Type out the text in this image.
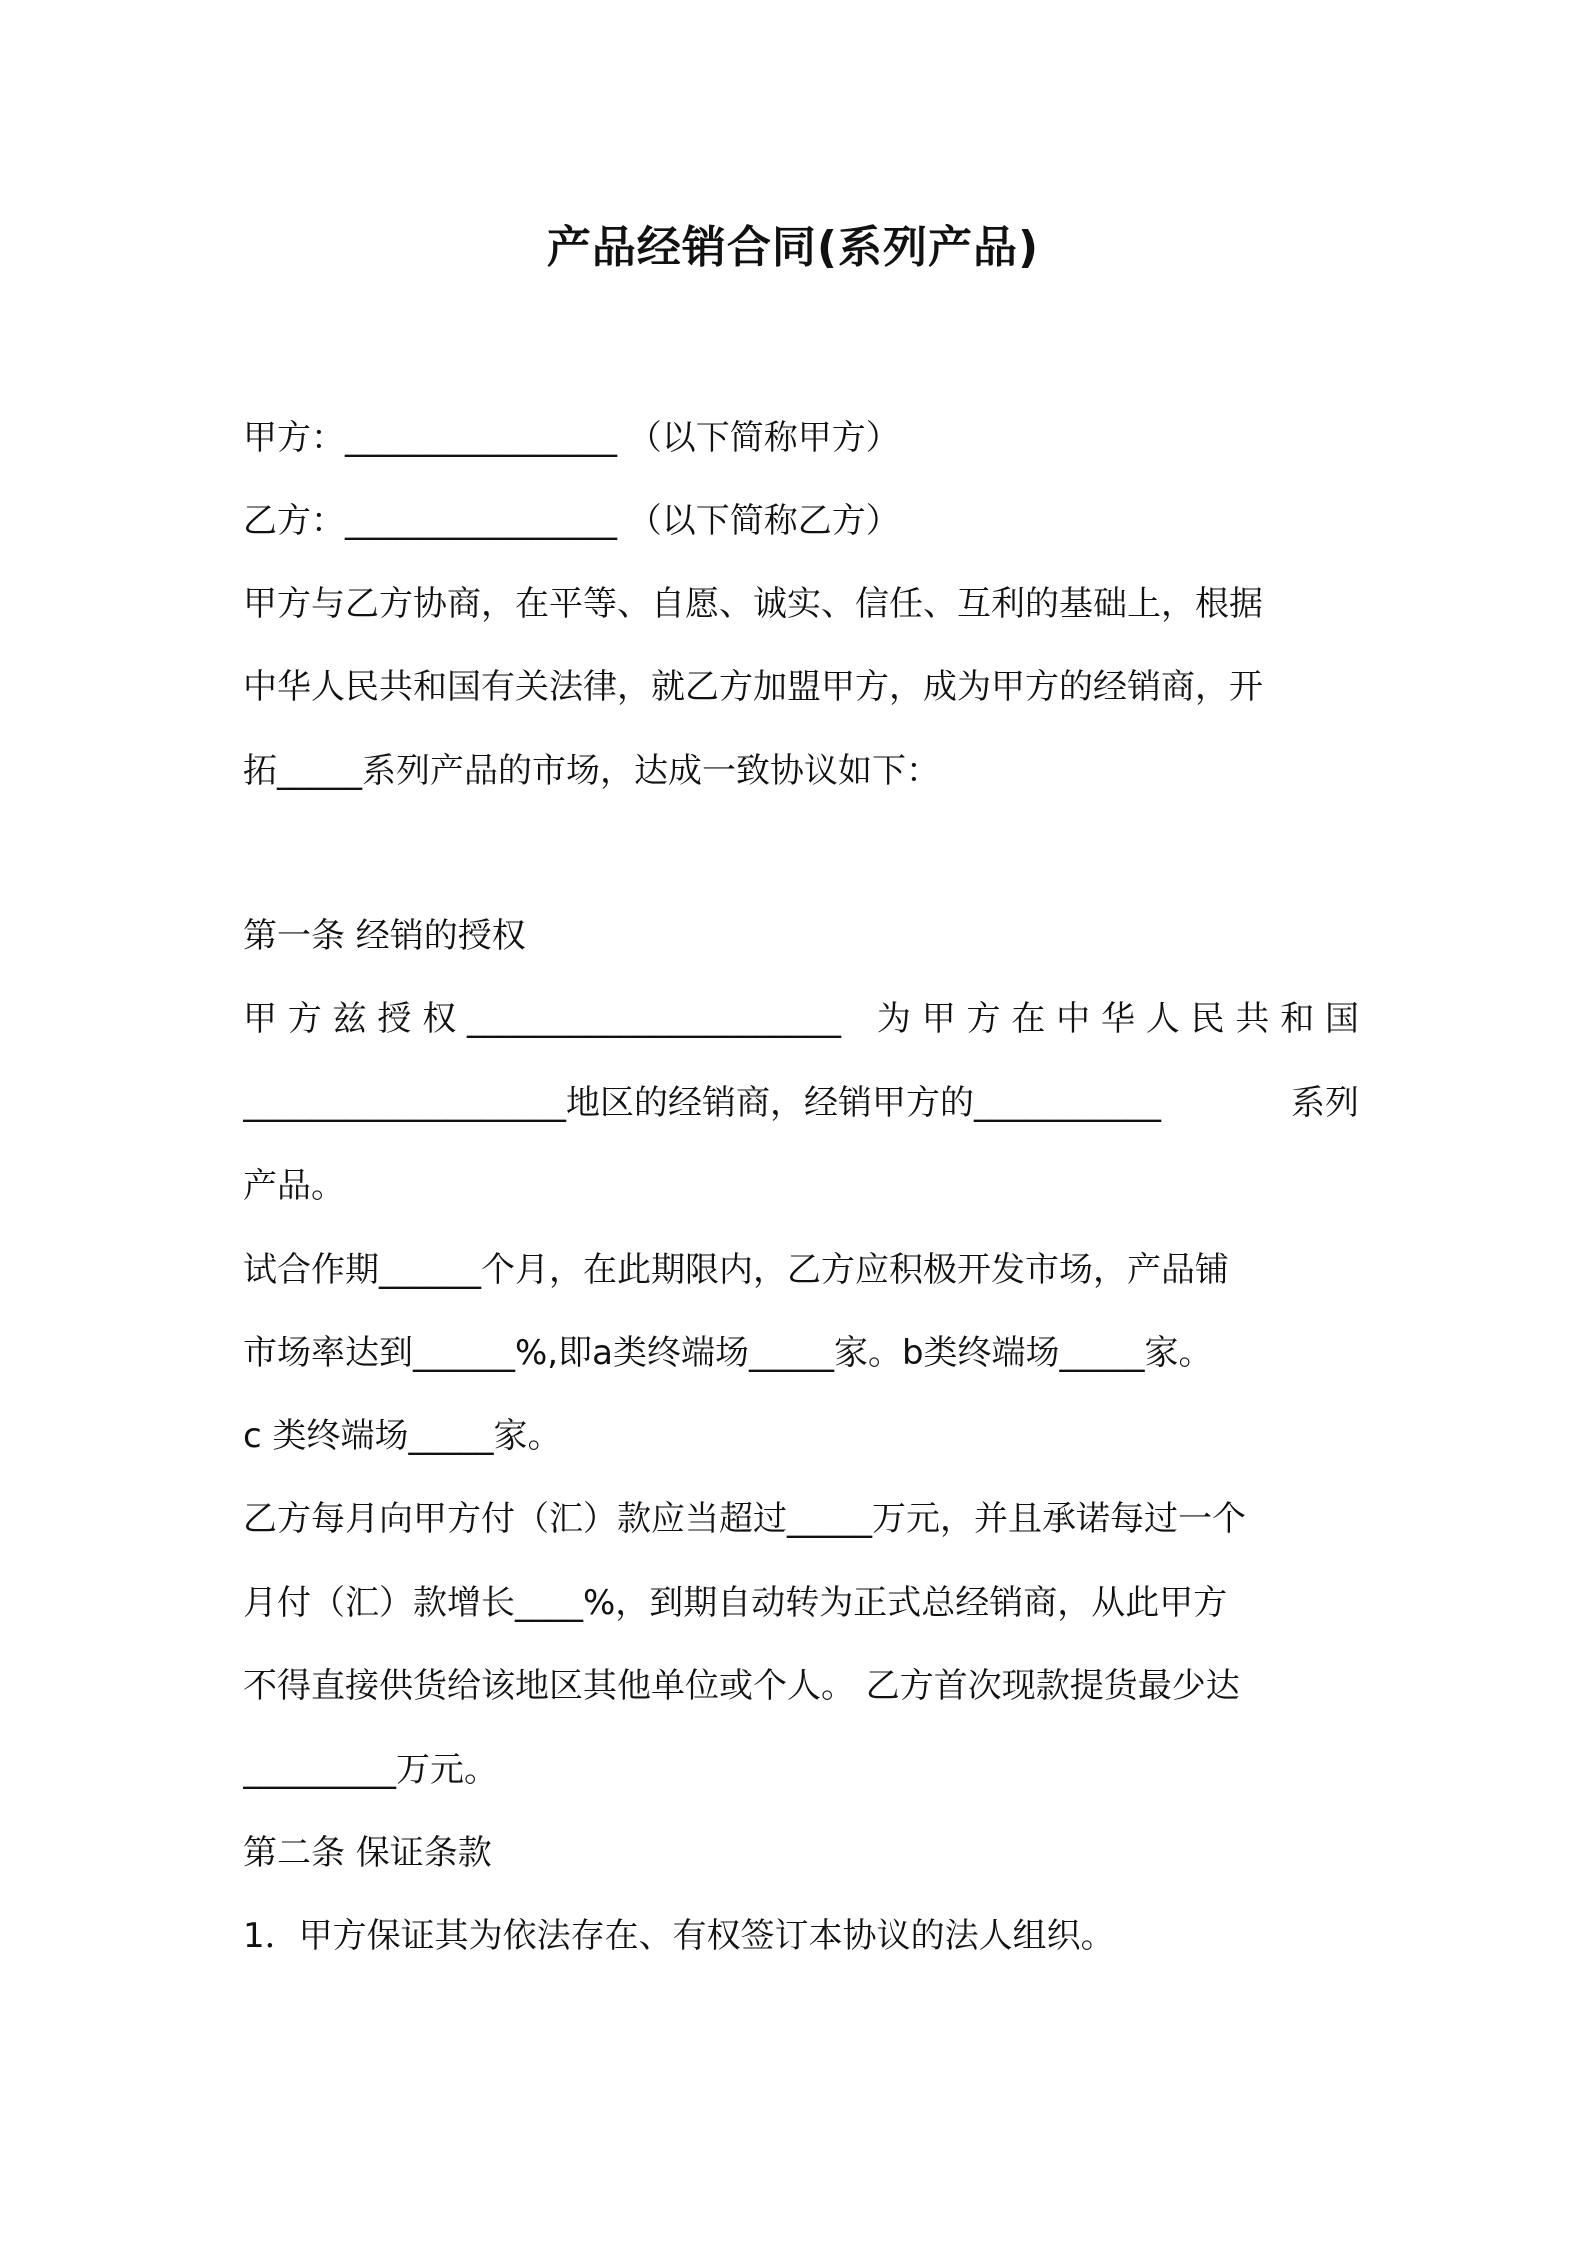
产品经销合同(系列产品)
甲方：________________ （以下简称甲方）
乙方：________________ （以下简称乙方）
甲方与乙方协商，在平等、自愿、诚实、信任、互利的基础上，根据
中华人民共和国有关法律，就乙方加盟甲方，成为甲方的经销商，开
拓_____系列产品的市场，达成一致协议如下：
第一条 经销的授权
甲 方 兹 授 权 ______________________ 为 甲 方 在 中 华 人 民 共 和 国
___________________地区的经销商，经销甲方的___________	系列
产品。
试合作期______个月，在此期限内，乙方应积极开发市场，产品铺
市场率达到______%,即a类终端场_____家。b类终端场_____家。
c 类终端场_____家。
乙方每月向甲方付（汇）款应当超过_____万元，并且承诺每过一个
月付（汇）款增长____%，到期自动转为正式总经销商，从此甲方
不得直接供货给该地区其他单位或个人。 乙方首次现款提货最少达
_________万元。
第二条 保证条款
1．甲方保证其为依法存在、有权签订本协议的法人组织。
